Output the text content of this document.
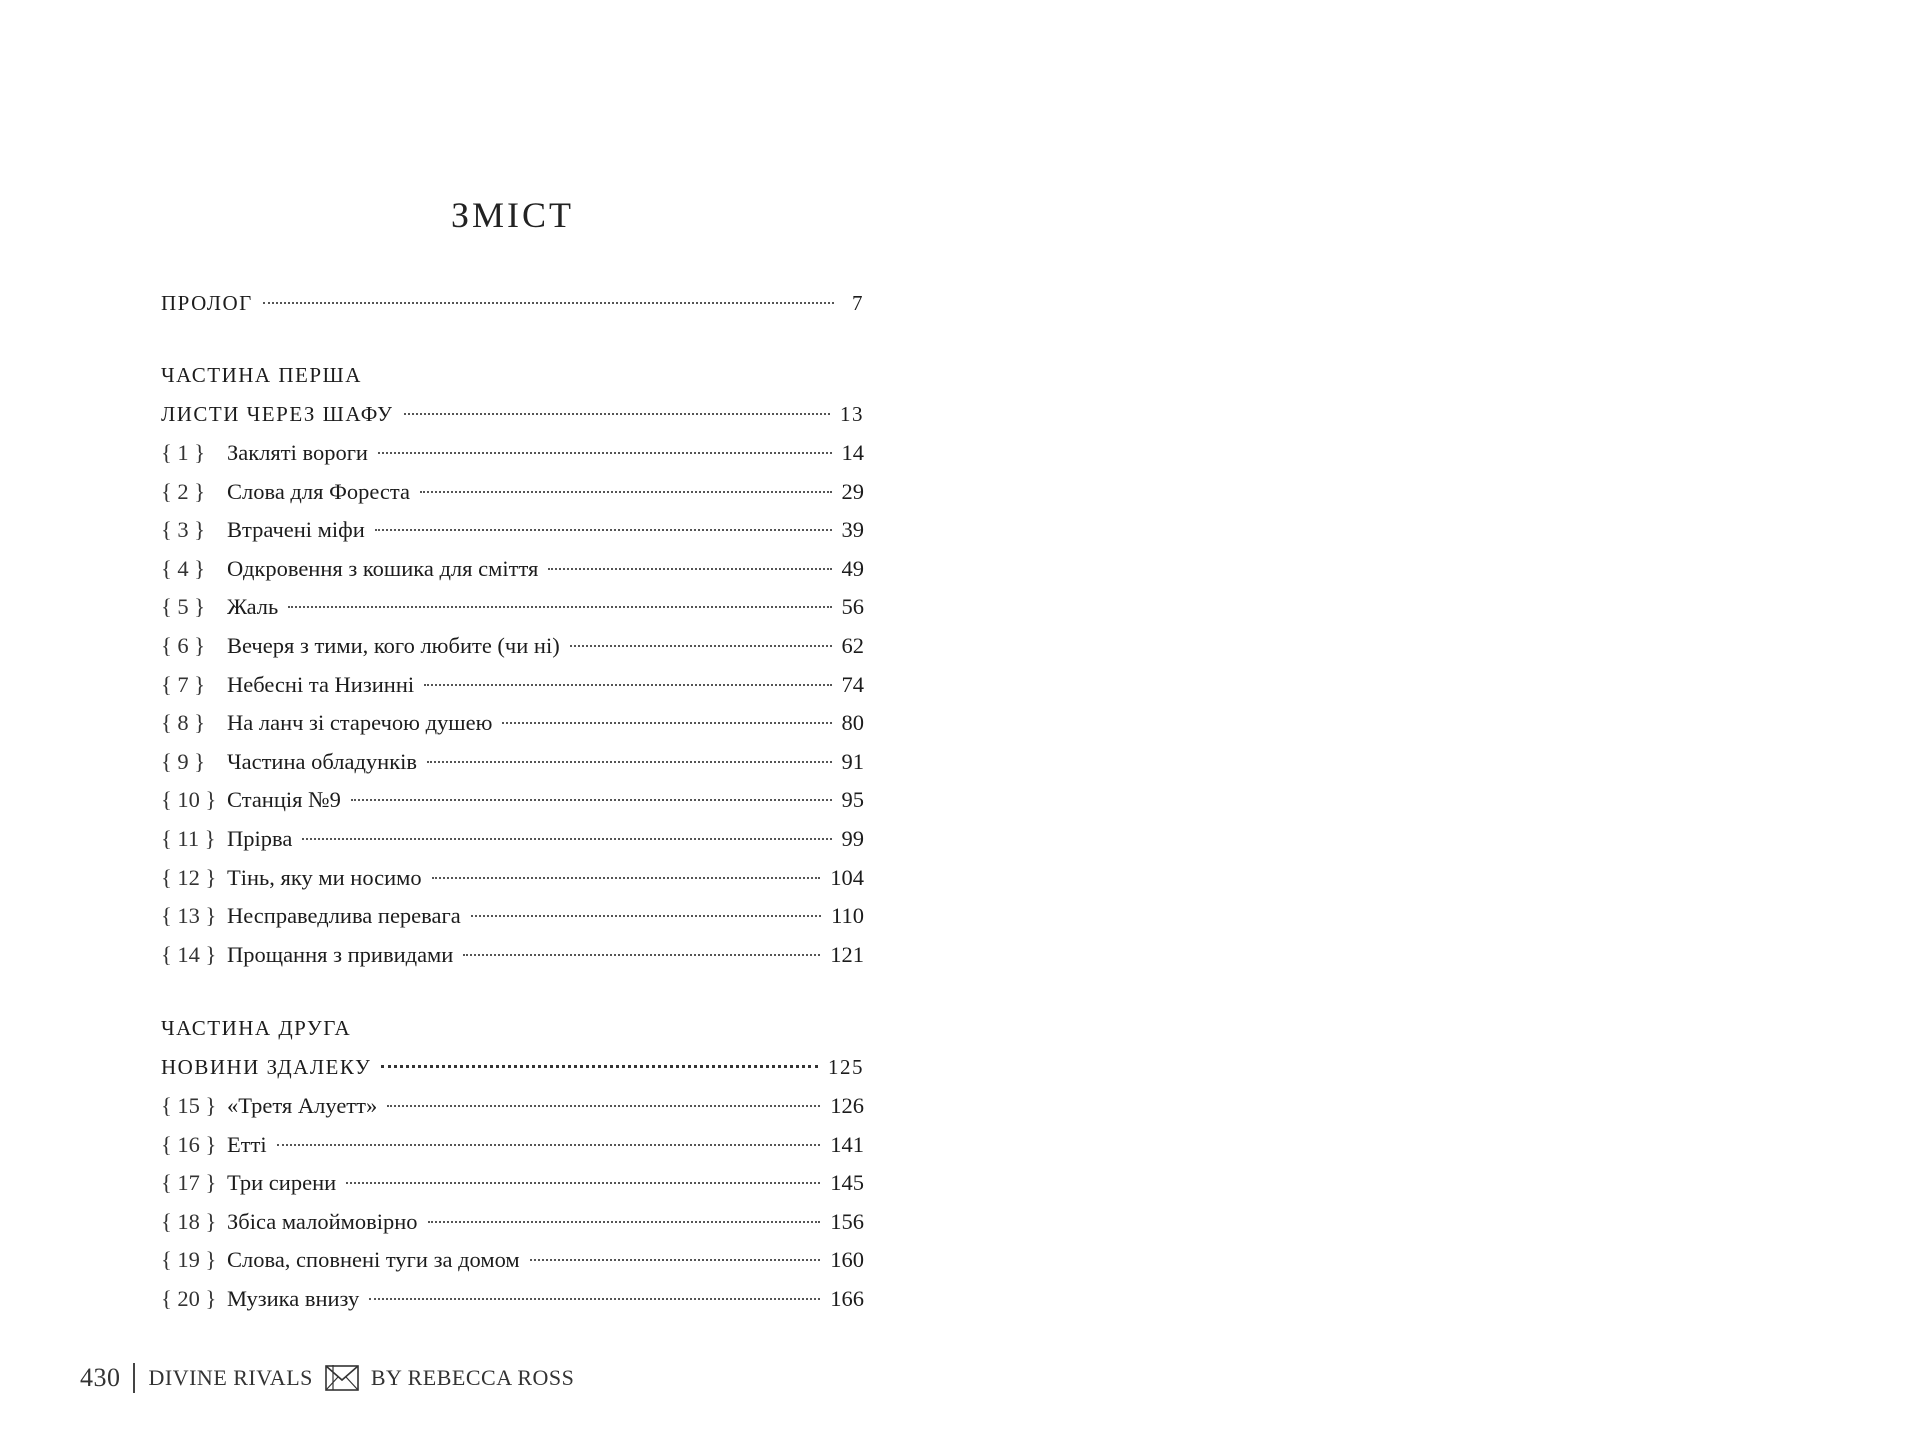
ЗМІСТ
ПРОЛОГ	7
ЧАСТИНА ПЕРША
ЛИСТИ ЧЕРЕЗ ШАФУ	13
{ 1 } Закляті вороги	14
{ 2 } Слова для Фореста	29
{ 3 } Втрачені міфи	39
{ 4 } Одкровення з кошика для сміття	49
{ 5 } Жаль	56
{ 6 } Вечеря з тими, кого любите (чи ні)	62
{ 7 } Небесні та Низинні	74
{ 8 } На ланч зі старечою душею	80
{ 9 } Частина обладунків	91
{ 10 } Станція №9	95
{ 11 } Прірва	99
{ 12 } Тінь, яку ми носимо	104
{ 13 } Несправедлива перевага	110
{ 14 } Прощання з привидами	121
ЧАСТИНА ДРУГА
НОВИНИ ЗДАЛЕКУ	125
{ 15 } «Третя Алуетт»	126
{ 16 } Етті	141
{ 17 } Три сирени	145
{ 18 } Збіса малоймовірно	156
{ 19 } Слова, сповнені туги за домом	160
{ 20 } Музика внизу	166
430 DIVINE RIVALS	BY REBECCA ROSS
